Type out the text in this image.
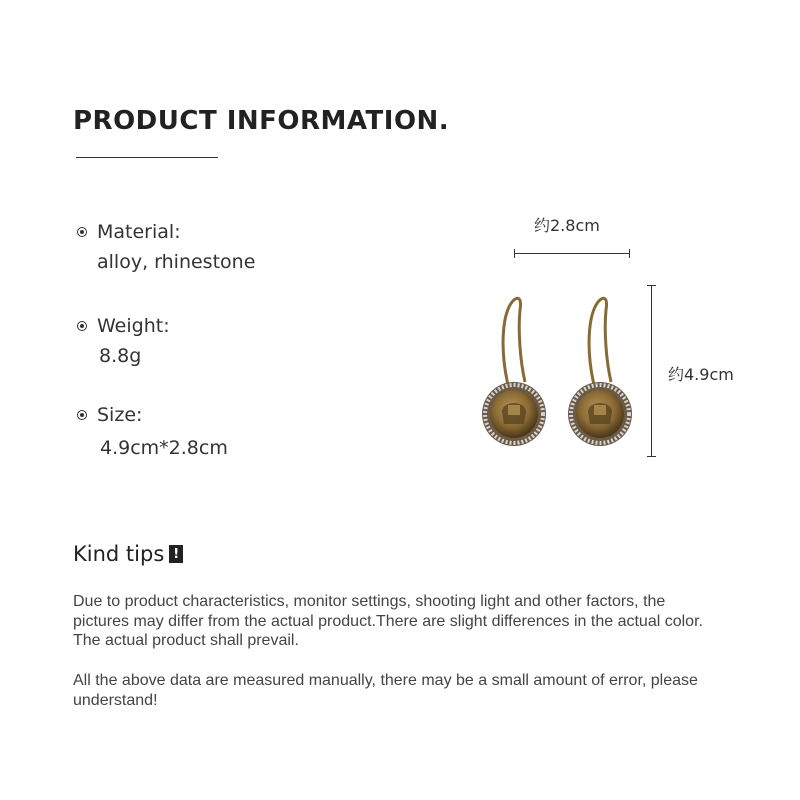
PRODUCT INFORMATION.
Material:
alloy, rhinestone
Weight:
8.8g
Size:
4.9cm*2.8cm
约2.8cm
约4.9cm
Kind tips !

Due to product characteristics, monitor settings, shooting light and other factors, the pictures may differ from the actual product.There are slight differences in the actual color. The actual product shall prevail.

All the above data are measured manually, there may be a small amount of error, please understand!
